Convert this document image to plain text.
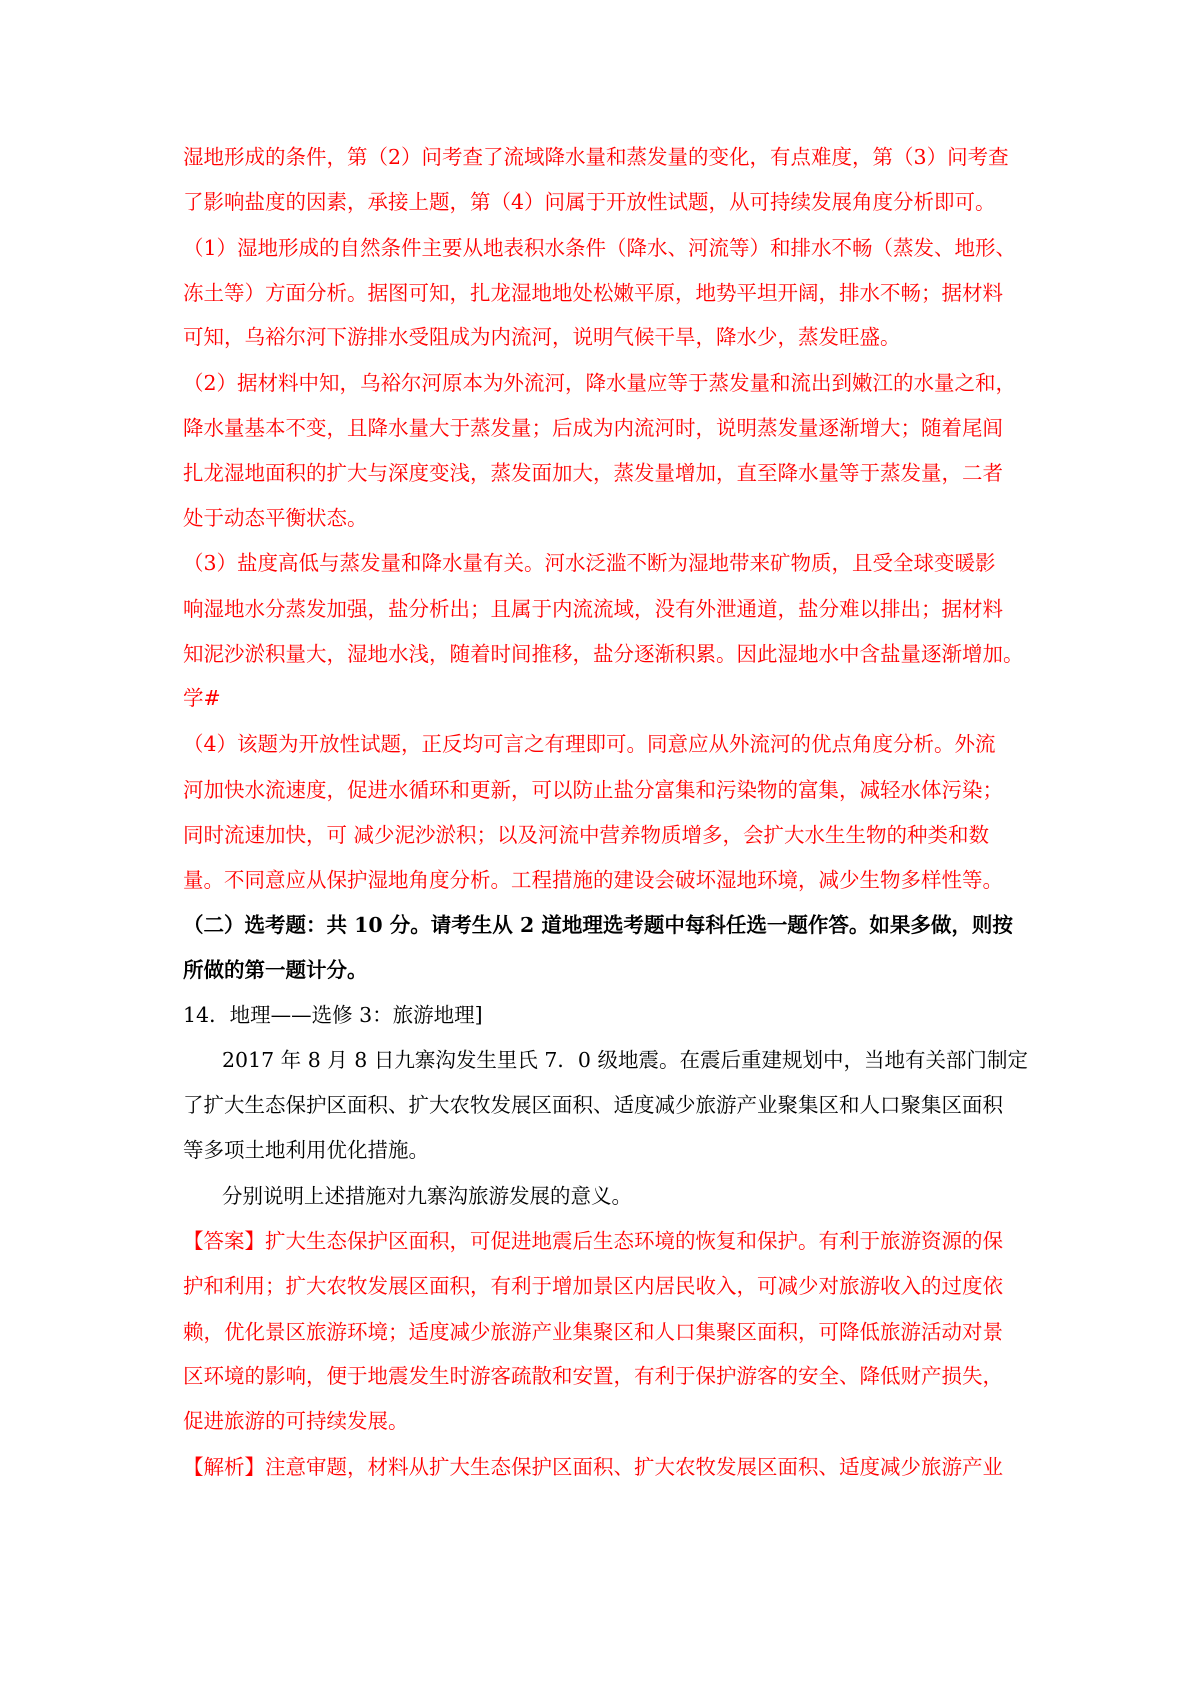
湿地形成的条件，第（2）问考查了流域降水量和蒸发量的变化，有点难度，第（3）问考查
了影响盐度的因素，承接上题，第（4）问属于开放性试题，从可持续发展角度分析即可。
（1）湿地形成的自然条件主要从地表积水条件（降水、河流等）和排水不畅（蒸发、地形、
冻土等）方面分析。据图可知，扎龙湿地地处松嫩平原，地势平坦开阔，排水不畅；据材料
可知，乌裕尔河下游排水受阻成为内流河，说明气候干旱，降水少，蒸发旺盛。
（2）据材料中知，乌裕尔河原本为外流河，降水量应等于蒸发量和流出到嫩江的水量之和，
降水量基本不变，且降水量大于蒸发量；后成为内流河时，说明蒸发量逐渐增大；随着尾闾
扎龙湿地面积的扩大与深度变浅，蒸发面加大，蒸发量增加，直至降水量等于蒸发量，二者
处于动态平衡状态。
（3）盐度高低与蒸发量和降水量有关。河水泛滥不断为湿地带来矿物质，且受全球变暖影
响湿地水分蒸发加强，盐分析出；且属于内流流域，没有外泄通道，盐分难以排出；据材料
知泥沙淤积量大，湿地水浅，随着时间推移，盐分逐渐积累。因此湿地水中含盐量逐渐增加。
学#
（4）该题为开放性试题，正反均可言之有理即可。同意应从外流河的优点角度分析。外流
河加快水流速度，促进水循环和更新，可以防止盐分富集和污染物的富集，减轻水体污染；
同时流速加快，可 减少泥沙淤积；以及河流中营养物质增多，会扩大水生生物的种类和数
量。不同意应从保护湿地角度分析。工程措施的建设会破坏湿地环境，减少生物多样性等。
（二）选考题：共 10 分。请考生从 2 道地理选考题中每科任选一题作答。如果多做，则按
所做的第一题计分。
14．地理——选修 3：旅游地理]
2017 年 8 月 8 日九寨沟发生里氏 7．0 级地震。在震后重建规划中，当地有关部门制定
了扩大生态保护区面积、扩大农牧发展区面积、适度减少旅游产业聚集区和人口聚集区面积
等多项土地利用优化措施。
分别说明上述措施对九寨沟旅游发展的意义。
【答案】扩大生态保护区面积，可促进地震后生态环境的恢复和保护。有利于旅游资源的保
护和利用；扩大农牧发展区面积，有利于增加景区内居民收入，可减少对旅游收入的过度依
赖，优化景区旅游环境；适度减少旅游产业集聚区和人口集聚区面积，可降低旅游活动对景
区环境的影响，便于地震发生时游客疏散和安置，有利于保护游客的安全、降低财产损失，
促进旅游的可持续发展。
【解析】注意审题，材料从扩大生态保护区面积、扩大农牧发展区面积、适度减少旅游产业
